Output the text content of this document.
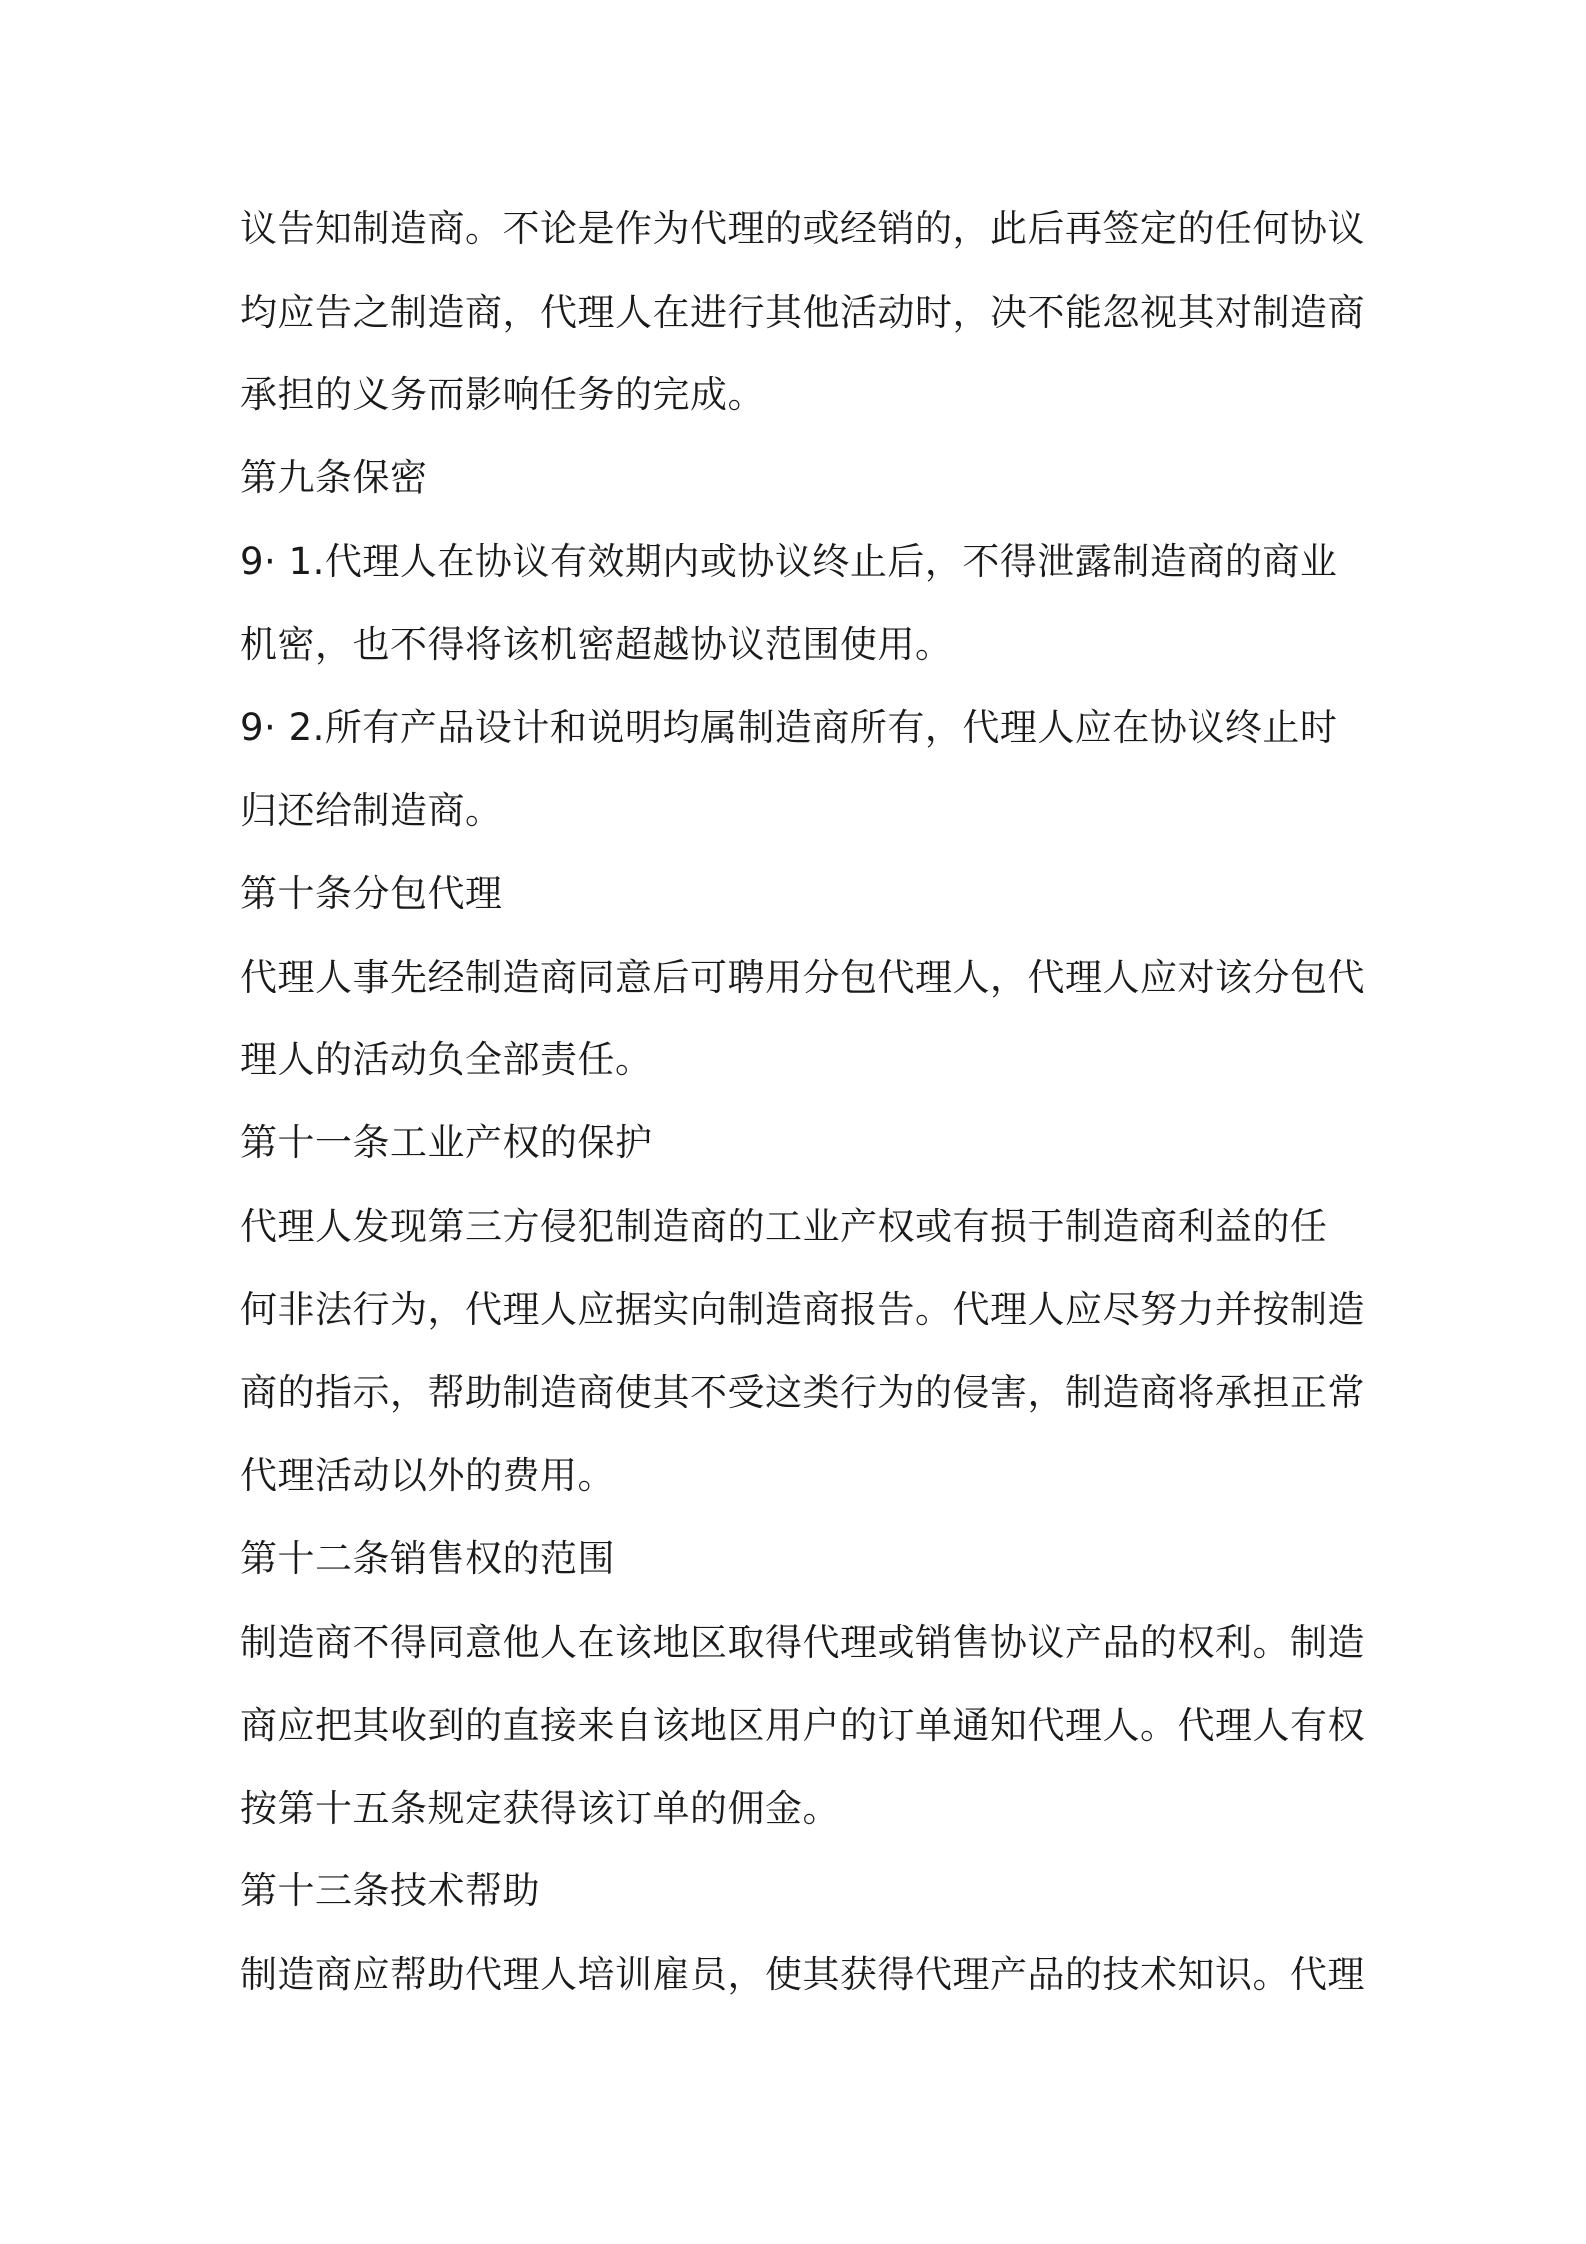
议告知制造商。不论是作为代理的或经销的，此后再签定的任何协议
均应告之制造商，代理人在进行其他活动时，决不能忽视其对制造商
承担的义务而影响任务的完成。
第九条保密
9· 1.代理人在协议有效期内或协议终止后，不得泄露制造商的商业
机密，也不得将该机密超越协议范围使用。
9· 2.所有产品设计和说明均属制造商所有，代理人应在协议终止时
归还给制造商。
第十条分包代理
代理人事先经制造商同意后可聘用分包代理人，代理人应对该分包代
理人的活动负全部责任。
第十一条工业产权的保护
代理人发现第三方侵犯制造商的工业产权或有损于制造商利益的任
何非法行为，代理人应据实向制造商报告。代理人应尽努力并按制造
商的指示，帮助制造商使其不受这类行为的侵害，制造商将承担正常
代理活动以外的费用。
第十二条销售权的范围
制造商不得同意他人在该地区取得代理或销售协议产品的权利。制造
商应把其收到的直接来自该地区用户的订单通知代理人。代理人有权
按第十五条规定获得该订单的佣金。
第十三条技术帮助
制造商应帮助代理人培训雇员，使其获得代理产品的技术知识。代理
